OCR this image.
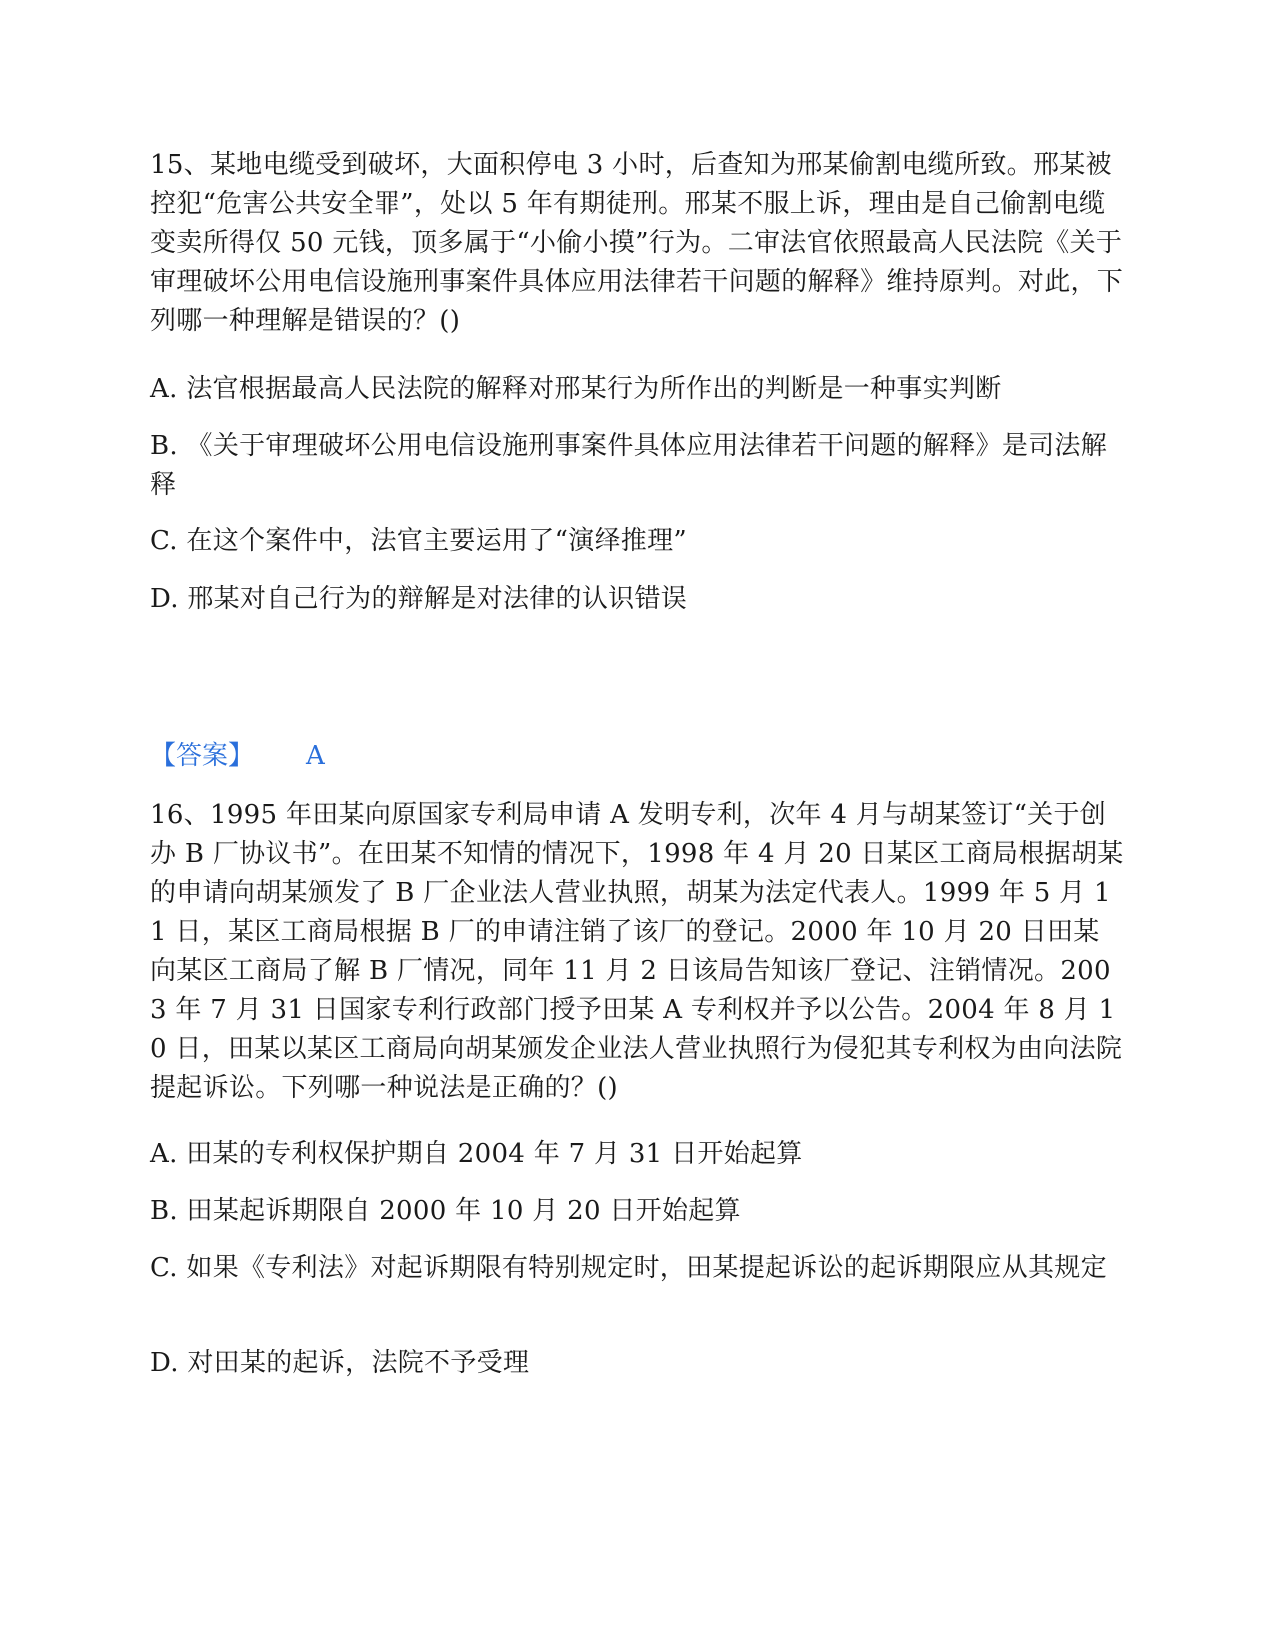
15、某地电缆受到破坏，大面积停电 3 小时，后查知为邢某偷割电缆所致。邢某被控犯“危害公共安全罪”，处以 5 年有期徒刑。邢某不服上诉，理由是自己偷割电缆变卖所得仅 50 元钱，顶多属于“小偷小摸”行为。二审法官依照最高人民法院《关于审理破坏公用电信设施刑事案件具体应用法律若干问题的解释》维持原判。对此，下列哪一种理解是错误的？()

A. 法官根据最高人民法院的解释对邢某行为所作出的判断是一种事实判断

B. 《关于审理破坏公用电信设施刑事案件具体应用法律若干问题的解释》是司法解释

C. 在这个案件中，法官主要运用了“演绎推理”

D. 邢某对自己行为的辩解是对法律的认识错误

【答案】 A

16、1995 年田某向原国家专利局申请 A 发明专利，次年 4 月与胡某签订“关于创办 B 厂协议书”。在田某不知情的情况下，1998 年 4 月 20 日某区工商局根据胡某的申请向胡某颁发了 B 厂企业法人营业执照，胡某为法定代表人。1999 年 5 月 11 日，某区工商局根据 B 厂的申请注销了该厂的登记。2000 年 10 月 20 日田某向某区工商局了解 B 厂情况，同年 11 月 2 日该局告知该厂登记、注销情况。2003 年 7 月 31 日国家专利行政部门授予田某 A 专利权并予以公告。2004 年 8 月 10 日，田某以某区工商局向胡某颁发企业法人营业执照行为侵犯其专利权为由向法院提起诉讼。下列哪一种说法是正确的？()

A. 田某的专利权保护期自 2004 年 7 月 31 日开始起算

B. 田某起诉期限自 2000 年 10 月 20 日开始起算

C. 如果《专利法》对起诉期限有特别规定时，田某提起诉讼的起诉期限应从其规定

D. 对田某的起诉，法院不予受理
